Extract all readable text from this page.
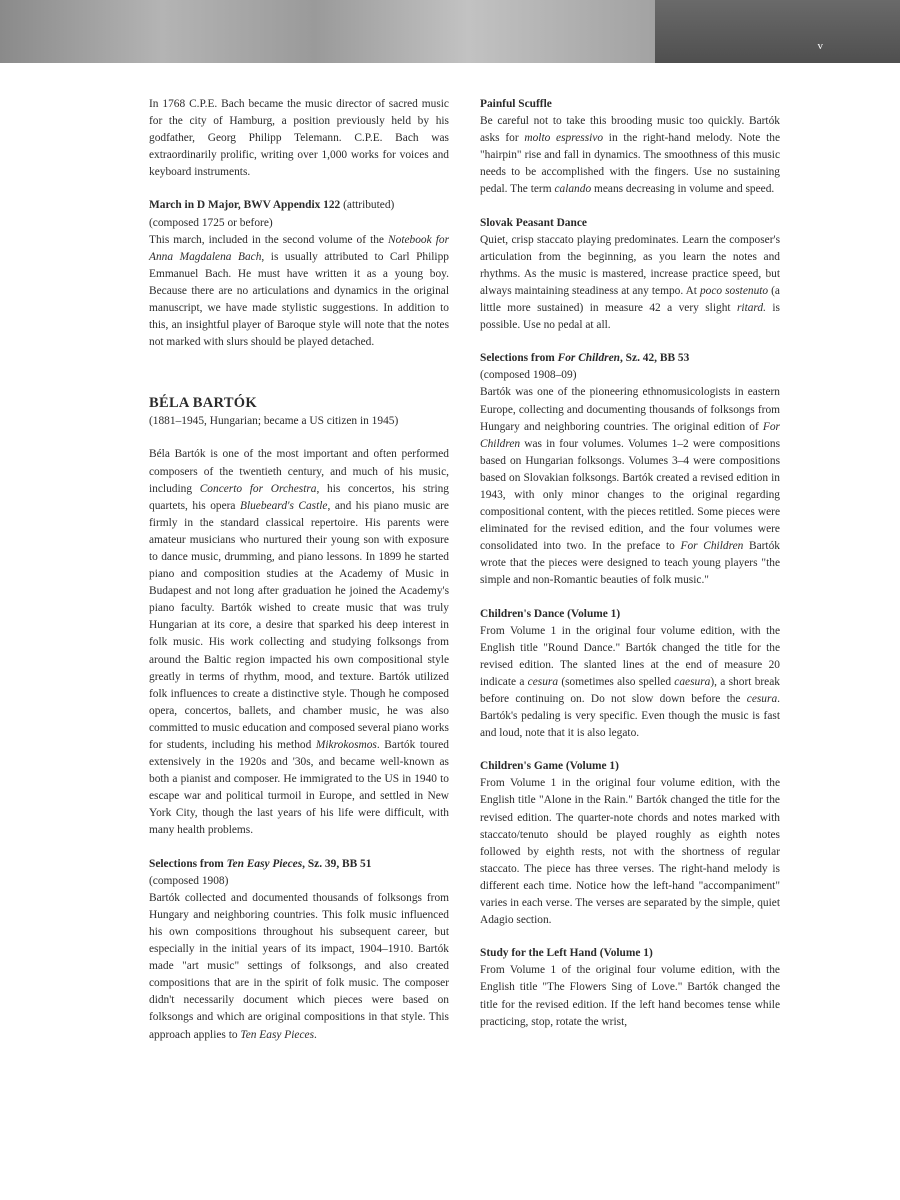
v

In 1768 C.P.E. Bach became the music director of sacred music for the city of Hamburg, a position previously held by his godfather, Georg Philipp Telemann. C.P.E. Bach was extraordinarily prolific, writing over 1,000 works for voices and keyboard instruments.

March in D Major, BWV Appendix 122 (attributed)

(composed 1725 or before)

This march, included in the second volume of the Notebook for Anna Magdalena Bach, is usually attributed to Carl Philipp Emmanuel Bach. He must have written it as a young boy. Because there are no articulations and dynamics in the original manuscript, we have made stylistic suggestions. In addition to this, an insightful player of Baroque style will note that the notes not marked with slurs should be played detached.

BÉLA BARTÓK

(1881–1945, Hungarian; became a US citizen in 1945)

Béla Bartók is one of the most important and often performed composers of the twentieth century, and much of his music, including Concerto for Orchestra, his concertos, his string quartets, his opera Bluebeard's Castle, and his piano music are firmly in the standard classical repertoire. His parents were amateur musicians who nurtured their young son with exposure to dance music, drumming, and piano lessons. In 1899 he started piano and composition studies at the Academy of Music in Budapest and not long after graduation he joined the Academy's piano faculty. Bartók wished to create music that was truly Hungarian at its core, a desire that sparked his deep interest in folk music. His work collecting and studying folksongs from around the Baltic region impacted his own compositional style greatly in terms of rhythm, mood, and texture. Bartók utilized folk influences to create a distinctive style. Though he composed opera, concertos, ballets, and chamber music, he was also committed to music education and composed several piano works for students, including his method Mikrokosmos. Bartók toured extensively in the 1920s and '30s, and became well-known as both a pianist and composer. He immigrated to the US in 1940 to escape war and political turmoil in Europe, and settled in New York City, though the last years of his life were difficult, with many health problems.

Selections from Ten Easy Pieces, Sz. 39, BB 51

(composed 1908)

Bartók collected and documented thousands of folksongs from Hungary and neighboring countries. This folk music influenced his own compositions throughout his subsequent career, but especially in the initial years of its impact, 1904–1910. Bartók made "art music" settings of folksongs, and also created compositions that are in the spirit of folk music. The composer didn't necessarily document which pieces were based on folksongs and which are original compositions in that style. This approach applies to Ten Easy Pieces.

Painful Scuffle

Be careful not to take this brooding music too quickly. Bartók asks for molto espressivo in the right-hand melody. Note the "hairpin" rise and fall in dynamics. The smoothness of this music needs to be accomplished with the fingers. Use no sustaining pedal. The term calando means decreasing in volume and speed.

Slovak Peasant Dance

Quiet, crisp staccato playing predominates. Learn the composer's articulation from the beginning, as you learn the notes and rhythms. As the music is mastered, increase practice speed, but always maintaining steadiness at any tempo. At poco sostenuto (a little more sustained) in measure 42 a very slight ritard. is possible. Use no pedal at all.

Selections from For Children, Sz. 42, BB 53

(composed 1908–09)

Bartók was one of the pioneering ethnomusicologists in eastern Europe, collecting and documenting thousands of folksongs from Hungary and neighboring countries. The original edition of For Children was in four volumes. Volumes 1–2 were compositions based on Hungarian folksongs. Volumes 3–4 were compositions based on Slovakian folksongs. Bartók created a revised edition in 1943, with only minor changes to the original regarding compositional content, with the pieces retitled. Some pieces were eliminated for the revised edition, and the four volumes were consolidated into two. In the preface to For Children Bartók wrote that the pieces were designed to teach young players "the simple and non-Romantic beauties of folk music."

Children's Dance (Volume 1)

From Volume 1 in the original four volume edition, with the English title "Round Dance." Bartók changed the title for the revised edition. The slanted lines at the end of measure 20 indicate a cesura (sometimes also spelled caesura), a short break before continuing on. Do not slow down before the cesura. Bartók's pedaling is very specific. Even though the music is fast and loud, note that it is also legato.

Children's Game (Volume 1)

From Volume 1 in the original four volume edition, with the English title "Alone in the Rain." Bartók changed the title for the revised edition. The quarter-note chords and notes marked with staccato/tenuto should be played roughly as eighth notes followed by eighth rests, not with the shortness of regular staccato. The piece has three verses. The right-hand melody is different each time. Notice how the left-hand "accompaniment" varies in each verse. The verses are separated by the simple, quiet Adagio section.

Study for the Left Hand (Volume 1)

From Volume 1 of the original four volume edition, with the English title "The Flowers Sing of Love." Bartók changed the title for the revised edition. If the left hand becomes tense while practicing, stop, rotate the wrist,
